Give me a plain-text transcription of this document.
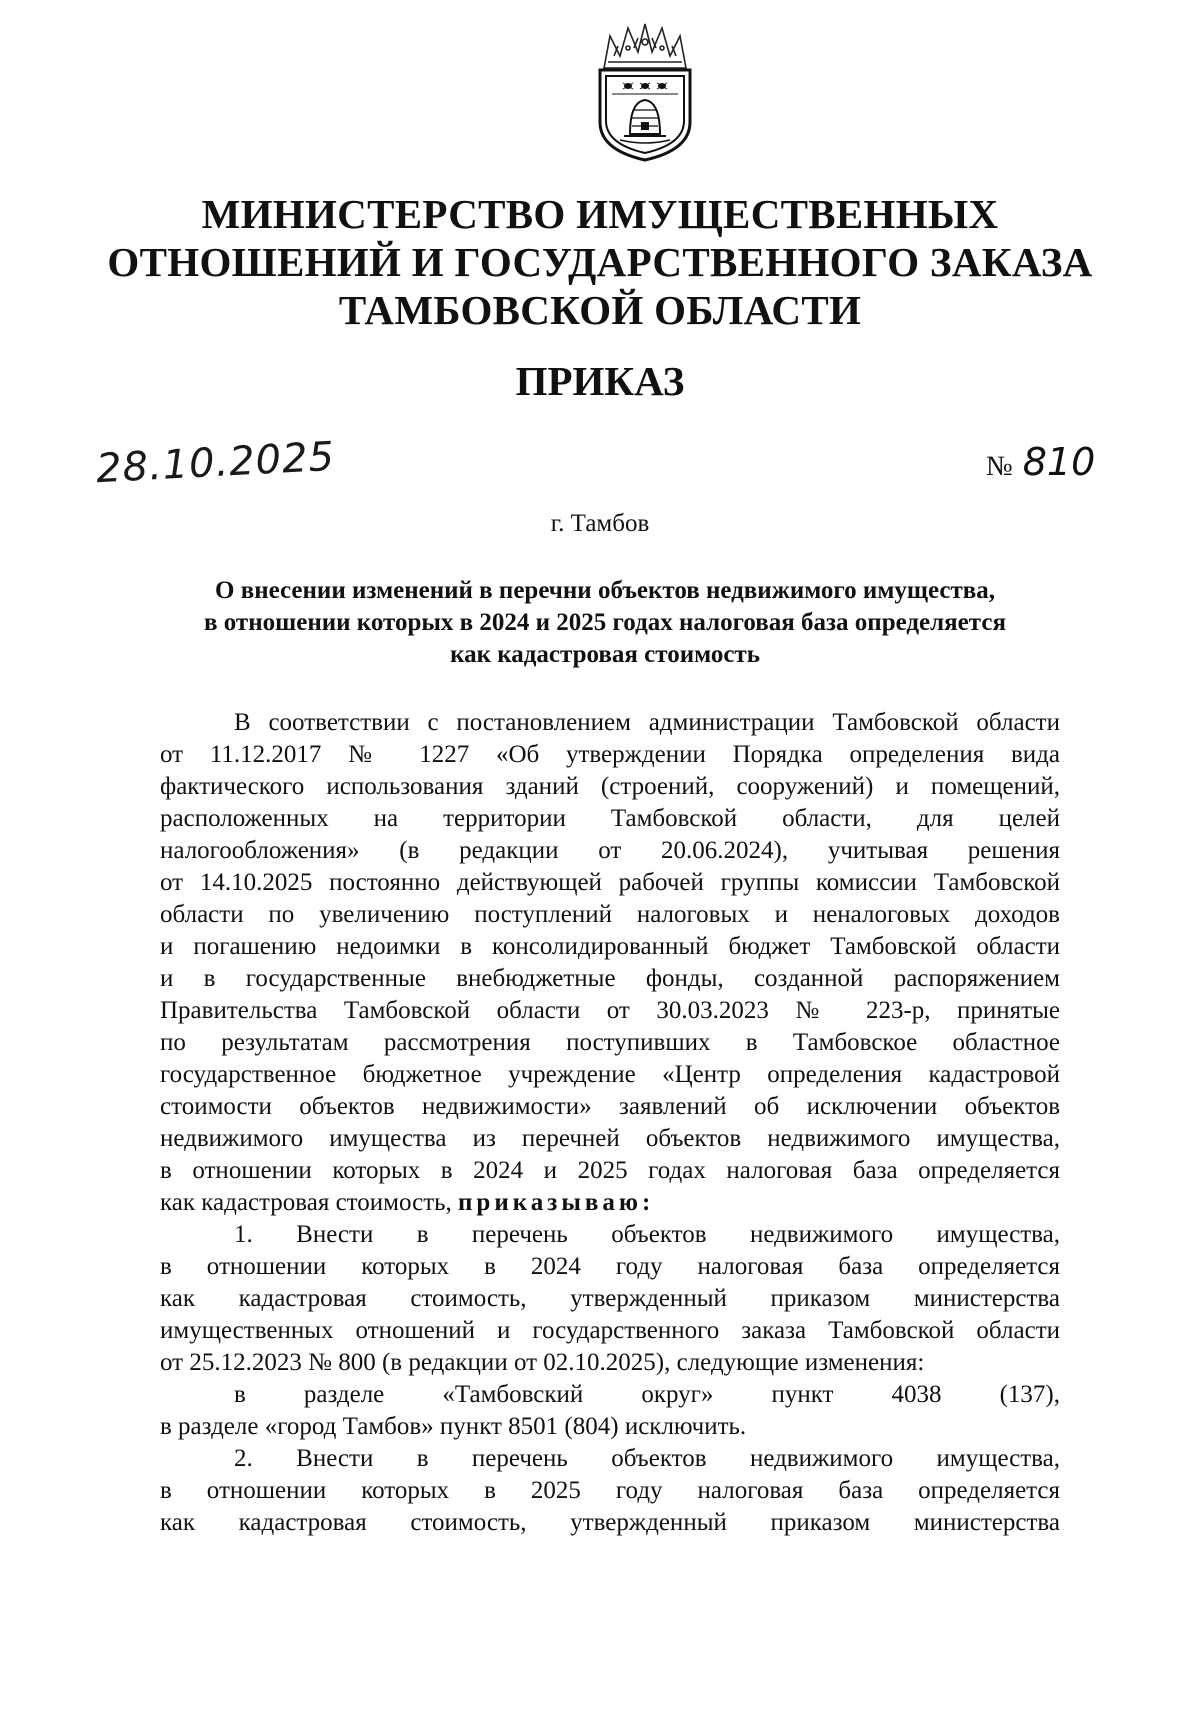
МИНИСТЕРСТВО ИМУЩЕСТВЕННЫХ
ОТНОШЕНИЙ И ГОСУДАРСТВЕННОГО ЗАКАЗА
ТАМБОВСКОЙ ОБЛАСТИ
ПРИКАЗ
28.10.2025	№ 810
г. Тамбов
О внесении изменений в перечни объектов недвижимого имущества,
в отношении которых в 2024 и 2025 годах налоговая база определяется
как кадастровая стоимость
В соответствии с постановлением администрации Тамбовской области
от 11.12.2017 № 1227 «Об утверждении Порядка определения вида
фактического использования зданий (строений, сооружений) и помещений,
расположенных на территории Тамбовской области, для целей
налогообложения» (в редакции от 20.06.2024), учитывая решения
от 14.10.2025 постоянно действующей рабочей группы комиссии Тамбовской
области по увеличению поступлений налоговых и неналоговых доходов
и погашению недоимки в консолидированный бюджет Тамбовской области
и в государственные внебюджетные фонды, созданной распоряжением
Правительства Тамбовской области от 30.03.2023 № 223-р, принятые
по результатам рассмотрения поступивших в Тамбовское областное
государственное бюджетное учреждение «Центр определения кадастровой
стоимости объектов недвижимости» заявлений об исключении объектов
недвижимого имущества из перечней объектов недвижимого имущества,
в отношении которых в 2024 и 2025 годах налоговая база определяется
как кадастровая стоимость, приказываю:
1. Внести в перечень объектов недвижимого имущества,
в отношении которых в 2024 году налоговая база определяется
как кадастровая стоимость, утвержденный приказом министерства
имущественных отношений и государственного заказа Тамбовской области
от 25.12.2023 № 800 (в редакции от 02.10.2025), следующие изменения:
в разделе «Тамбовский округ» пункт 4038 (137),
в разделе «город Тамбов» пункт 8501 (804) исключить.
2. Внести в перечень объектов недвижимого имущества,
в отношении которых в 2025 году налоговая база определяется
как кадастровая стоимость, утвержденный приказом министерства
